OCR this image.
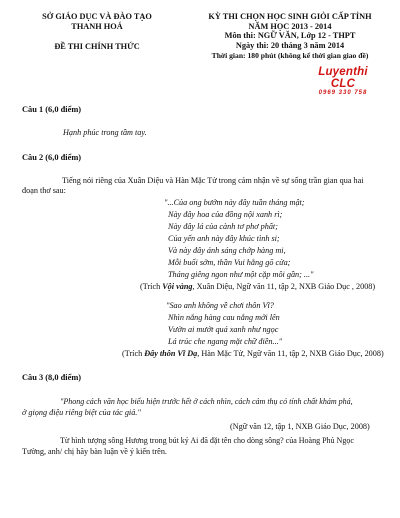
SỞ GIÁO DỤC VÀ ĐÀO TẠO
THANH HOÁ
ĐỀ THI CHÍNH THỨC
KỲ THI CHỌN HỌC SINH GIỎI CẤP TỈNH
NĂM HỌC 2013 - 2014
Môn thi: NGỮ VĂN, Lớp 12 - THPT
Ngày thi: 20 tháng 3 năm 2014
Thời gian: 180 phút (không kể thời gian giao đề)
Luyenthi CLC
0969 330 758
Câu 1 (6,0 điểm)
Hạnh phúc trong tầm tay.
Câu 2 (6,0 điểm)
Tiếng nói riêng của Xuân Diệu và Hàn Mặc Tử trong cảm nhận về sự sống trần gian qua hai
đoạn thơ sau:
"...Của ong bướm này đây tuần tháng mật;
Này đây hoa của đồng nội xanh rì;
Này đây lá của cành tơ phơ phất;
Của yến anh này đây khúc tình si;
Và này đây ánh sáng chớp hàng mi,
Mỗi buổi sớm, thần Vui hằng gõ cửa;
Tháng giêng ngon như một cặp môi gần; ..."
(Trích Vội vàng, Xuân Diệu, Ngữ văn 11, tập 2, NXB Giáo Dục , 2008)
"Sao anh không về chơi thôn Vĩ?
Nhìn nắng hàng cau nắng mới lên
Vườn ai mướt quá xanh như ngọc
Lá trúc che ngang mặt chữ điền..."
(Trích Đây thôn Vĩ Dạ, Hàn Mặc Tử, Ngữ văn 11, tập 2, NXB Giáo Dục, 2008)
Câu 3 (8,0 điểm)
"Phong cách văn học biểu hiện trước hết ở cách nhìn, cách cảm thụ có tính chất khám phá,
ở giọng điệu riêng biệt của tác giả."
(Ngữ văn 12, tập 1, NXB Giáo Dục, 2008)
Từ hình tượng sông Hương trong bút ký Ai đã đặt tên cho dòng sông? của Hoàng Phủ Ngọc
Tường, anh/ chị hãy bàn luận về ý kiến trên.
